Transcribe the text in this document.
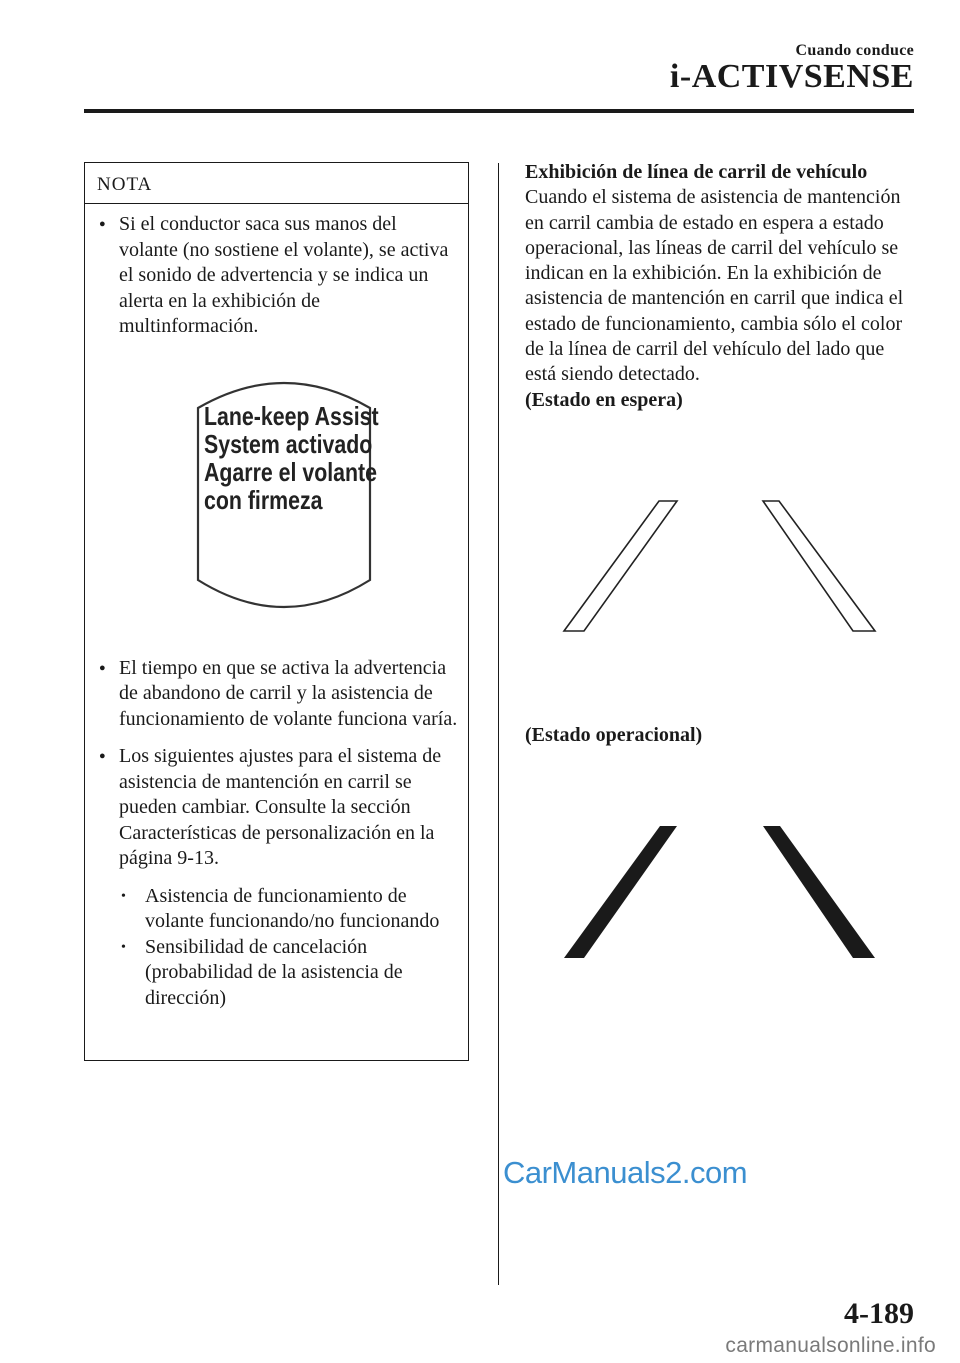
Cuando conduce
i-ACTIVSENSE
NOTA
● Si el conductor saca sus manos del volante (no sostiene el volante), se activa el sonido de advertencia y se indica un alerta en la exhibición de multinformación.
Lane-keep Assist
System activado
Agarre el volante
con firmeza
● El tiempo en que se activa la advertencia de abandono de carril y la asistencia de funcionamiento de volante funciona varía.
● Los siguientes ajustes para el sistema de asistencia de mantención en carril se pueden cambiar. Consulte la sección Características de personalización en la página 9-13.
• Asistencia de funcionamiento de volante funcionando/no funcionando
• Sensibilidad de cancelación (probabilidad de la asistencia de dirección)
Exhibición de línea de carril de vehículo
Cuando el sistema de asistencia de mantención en carril cambia de estado en espera a estado operacional, las líneas de carril del vehículo se indican en la exhibición. En la exhibición de asistencia de mantención en carril que indica el estado de funcionamiento, cambia sólo el color de la línea de carril del vehículo del lado que está siendo detectado.
(Estado en espera)
(Estado operacional)
CarManuals2.com
4-189
carmanualsonline.info
